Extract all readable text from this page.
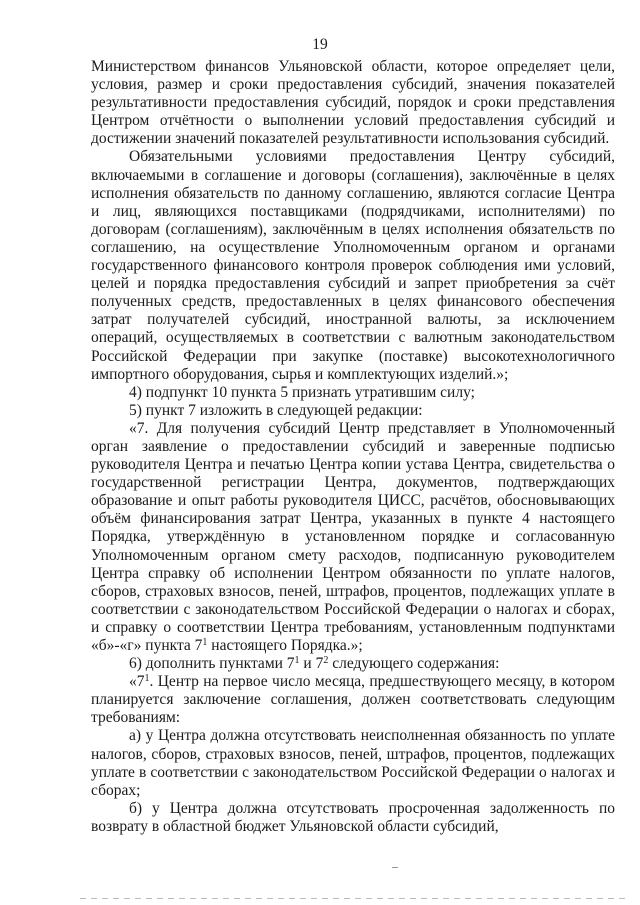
19

Министерством финансов Ульяновской области, которое определяет цели, условия, размер и сроки предоставления субсидий, значения показателей результативности предоставления субсидий, порядок и сроки представления Центром отчётности о выполнении условий предоставления субсидий и достижении значений показателей результативности использования субсидий.

Обязательными условиями предоставления Центру субсидий, включаемыми в соглашение и договоры (соглашения), заключённые в целях исполнения обязательств по данному соглашению, являются согласие Центра и лиц, являющихся поставщиками (подрядчиками, исполнителями) по договорам (соглашениям), заключённым в целях исполнения обязательств по соглашению, на осуществление Уполномоченным органом и органами государственного финансового контроля проверок соблюдения ими условий, целей и порядка предоставления субсидий и запрет приобретения за счёт полученных средств, предоставленных в целях финансового обеспечения затрат получателей субсидий, иностранной валюты, за исключением операций, осуществляемых в соответствии с валютным законодательством Российской Федерации при закупке (поставке) высокотехнологичного импортного оборудования, сырья и комплектующих изделий.»;

4) подпункт 10 пункта 5 признать утратившим силу;

5) пункт 7 изложить в следующей редакции:

«7. Для получения субсидий Центр представляет в Уполномоченный орган заявление о предоставлении субсидий и заверенные подписью руководителя Центра и печатью Центра копии устава Центра, свидетельства о государственной регистрации Центра, документов, подтверждающих образование и опыт работы руководителя ЦИСС, расчётов, обосновывающих объём финансирования затрат Центра, указанных в пункте 4 настоящего Порядка, утверждённую в установленном порядке и согласованную Уполномоченным органом смету расходов, подписанную руководителем Центра справку об исполнении Центром обязанности по уплате налогов, сборов, страховых взносов, пеней, штрафов, процентов, подлежащих уплате в соответствии с законодательством Российской Федерации о налогах и сборах, и справку о соответствии Центра требованиям, установленным подпунктами «б»-«г» пункта $7^1$ настоящего Порядка.»;

6) дополнить пунктами $7^1$ и $7^2$ следующего содержания:

«$7^1$. Центр на первое число месяца, предшествующего месяцу, в котором планируется заключение соглашения, должен соответствовать следующим требованиям:

а) у Центра должна отсутствовать неисполненная обязанность по уплате налогов, сборов, страховых взносов, пеней, штрафов, процентов, подлежащих уплате в соответствии с законодательством Российской Федерации о налогах и сборах;

б) у Центра должна отсутствовать просроченная задолженность по возврату в областной бюджет Ульяновской области субсидий,
